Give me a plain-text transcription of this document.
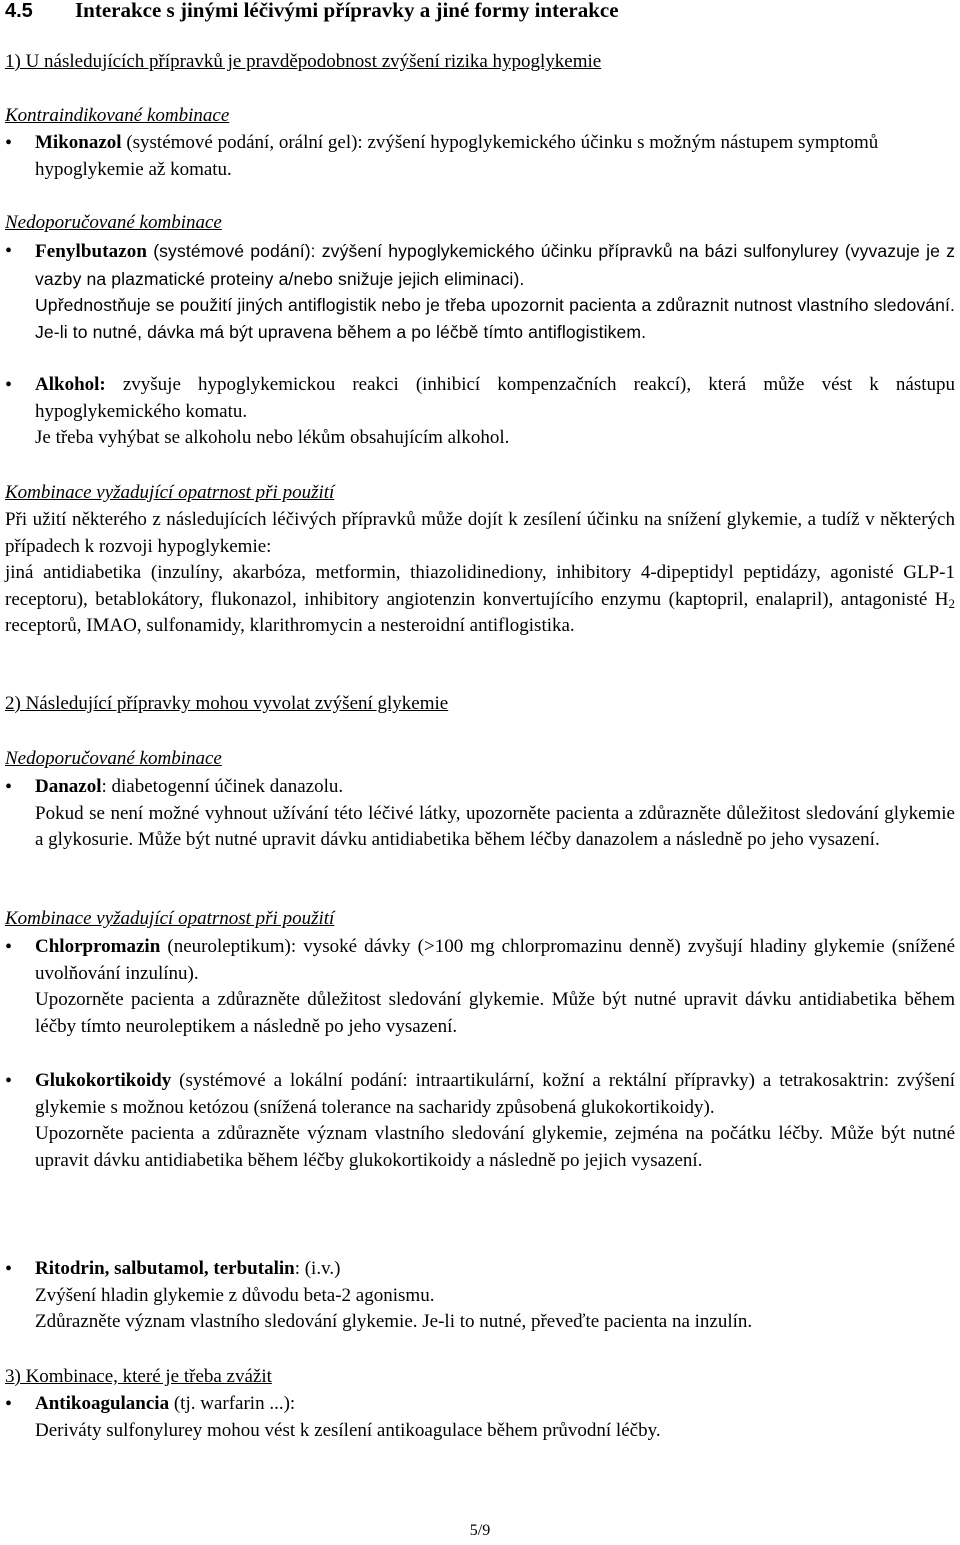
4.5 Interakce s jinými léčivými přípravky a jiné formy interakce
1) U následujících přípravků je pravděpodobnost zvýšení rizika hypoglykemie
Kontraindikované kombinace
•	Mikonazol (systémové podání, orální gel): zvýšení hypoglykemického účinku s možným nástupem symptomů hypoglykemie až komatu.
Nedoporučované kombinace
•	Fenylbutazon (systémové podání): zvýšení hypoglykemického účinku přípravků na bázi sulfonylurey (vyvazuje je z vazby na plazmatické proteiny a/nebo snižuje jejich eliminaci).
Upřednostňuje se použití jiných antiflogistik nebo je třeba upozornit pacienta a zdůraznit nutnost vlastního sledování. Je-li to nutné, dávka má být upravena během a po léčbě tímto antiflogistikem.
•	Alkohol: zvyšuje hypoglykemickou reakci (inhibicí kompenzačních reakcí), která může vést k nástupu hypoglykemického komatu.
Je třeba vyhýbat se alkoholu nebo lékům obsahujícím alkohol.
Kombinace vyžadující opatrnost při použití
Při užití některého z následujících léčivých přípravků může dojít k zesílení účinku na snížení glykemie, a tudíž v některých případech k rozvoji hypoglykemie:
jiná antidiabetika (inzulíny, akarbóza, metformin, thiazolidinediony, inhibitory 4-dipeptidyl peptidázy, agonisté GLP-1 receptoru), betablokátory, flukonazol, inhibitory angiotenzin konvertujícího enzymu (kaptopril, enalapril), antagonisté $H_2$ receptorů, IMAO, sulfonamidy, klarithromycin a nesteroidní antiflogistika.
2) Následující přípravky mohou vyvolat zvýšení glykemie
Nedoporučované kombinace
•	Danazol: diabetogenní účinek danazolu.
Pokud se není možné vyhnout užívání této léčivé látky, upozorněte pacienta a zdůrazněte důležitost sledování glykemie a glykosurie. Může být nutné upravit dávku antidiabetika během léčby danazolem a následně po jeho vysazení.
Kombinace vyžadující opatrnost při použití
•	Chlorpromazin (neuroleptikum): vysoké dávky (>100 mg chlorpromazinu denně) zvyšují hladiny glykemie (snížené uvolňování inzulínu).
Upozorněte pacienta a zdůrazněte důležitost sledování glykemie. Může být nutné upravit dávku antidiabetika během léčby tímto neuroleptikem a následně po jeho vysazení.
•	Glukokortikoidy (systémové a lokální podání: intraartikulární, kožní a rektální přípravky) a tetrakosaktrin: zvýšení glykemie s možnou ketózou (snížená tolerance na sacharidy způsobená glukokortikoidy).
Upozorněte pacienta a zdůrazněte význam vlastního sledování glykemie, zejména na počátku léčby. Může být nutné upravit dávku antidiabetika během léčby glukokortikoidy a následně po jejich vysazení.
•	Ritodrin, salbutamol, terbutalin: (i.v.)
Zvýšení hladin glykemie z důvodu beta-2 agonismu.
Zdůrazněte význam vlastního sledování glykemie. Je-li to nutné, převeďte pacienta na inzulín.
3) Kombinace, které je třeba zvážit
•	Antikoagulancia (tj. warfarin ...):
Deriváty sulfonylurey mohou vést k zesílení antikoagulace během průvodní léčby.
5/9
